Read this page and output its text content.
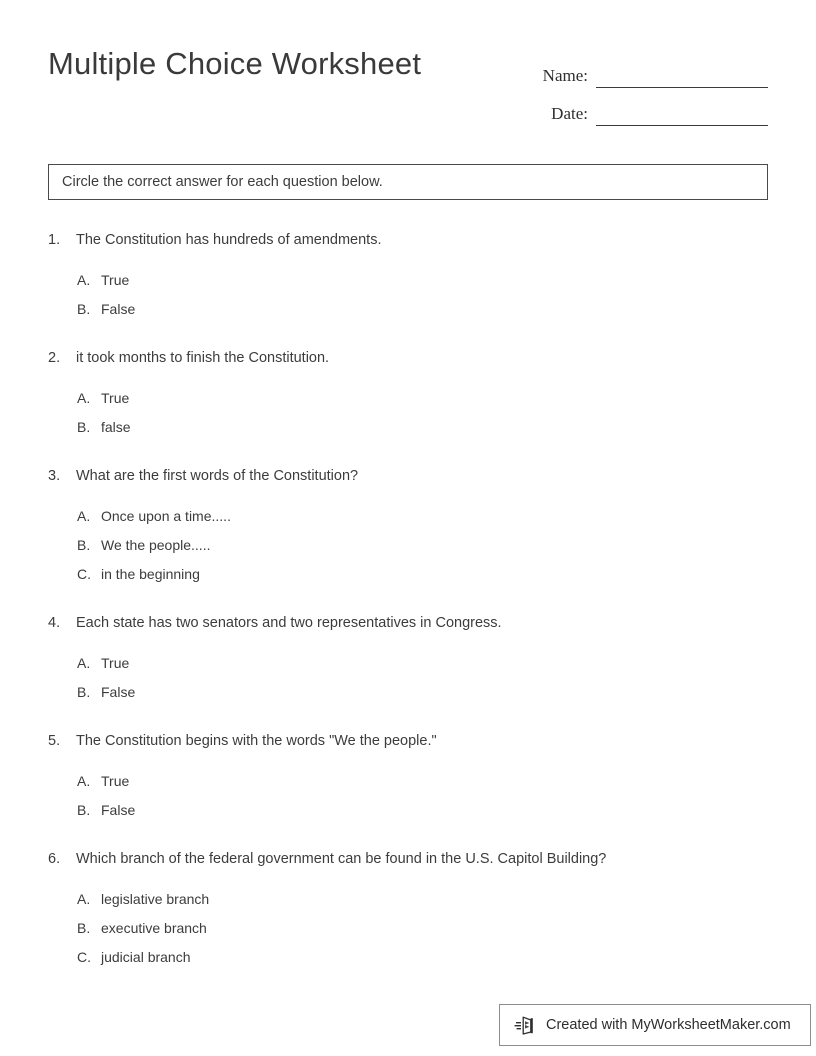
Multiple Choice Worksheet	Name:
Date:
Circle the correct answer for each question below.
1.	The Constitution has hundreds of amendments.
A. True
B. False
2.	it took months to finish the Constitution.
A. True
B. false
3.	What are the first words of the Constitution?
A. Once upon a time.....
B. We the people.....
C. in the beginning
4.	Each state has two senators and two representatives in Congress.
A. True
B. False
5.	The Constitution begins with the words "We the people."
A. True
B. False
6.	Which branch of the federal government can be found in the U.S. Capitol Building?
A. legislative branch
B. executive branch
C. judicial branch
Created with MyWorksheetMaker.com
